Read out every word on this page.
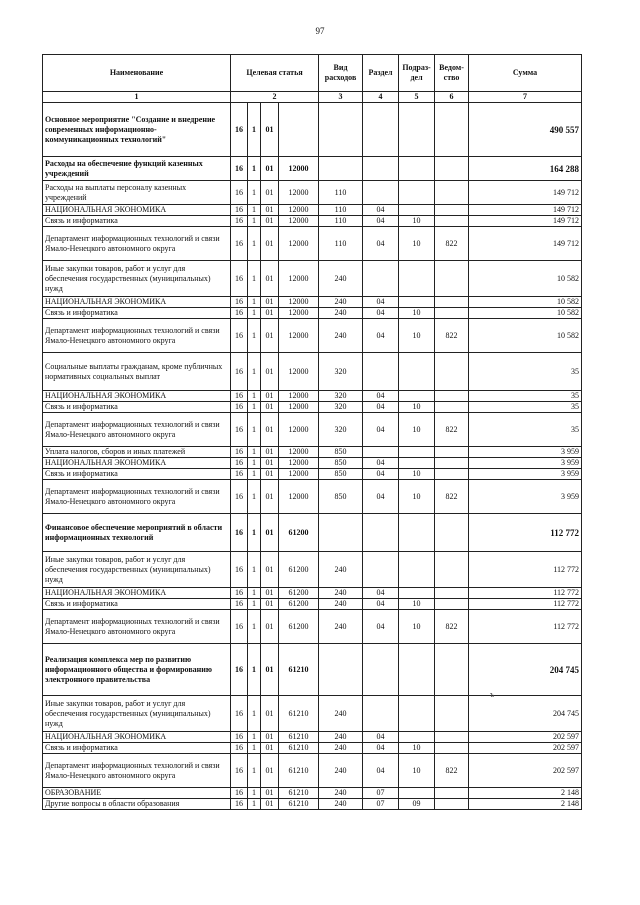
97
Наименование	Целевая статья				Вид расходов	Раздел	Подраз-дел	Ведом-ство	Сумма
1	2				3	4	5	6	7
Основное мероприятие "Создание и внедрение современных информационно-коммуникационных технологий"	16	1	01						490 557
Расходы на обеспечение функций казенных учреждений	16	1	01	12000					164 288
Расходы на выплаты персоналу казенных учреждений	16	1	01	12000	110				149 712
НАЦИОНАЛЬНАЯ ЭКОНОМИКА	16	1	01	12000	110	04			149 712
Связь и информатика	16	1	01	12000	110	04	10		149 712
Департамент информационных технологий и связи Ямало-Ненецкого автономного округа	16	1	01	12000	110	04	10	822	149 712
Иные закупки товаров, работ и услуг для обеспечения государственных (муниципальных) нужд	16	1	01	12000	240				10 582
НАЦИОНАЛЬНАЯ ЭКОНОМИКА	16	1	01	12000	240	04			10 582
Связь и информатика	16	1	01	12000	240	04	10		10 582
Департамент информационных технологий и связи Ямало-Ненецкого автономного округа	16	1	01	12000	240	04	10	822	10 582
Социальные выплаты гражданам, кроме публичных нормативных социальных выплат	16	1	01	12000	320				35
НАЦИОНАЛЬНАЯ ЭКОНОМИКА	16	1	01	12000	320	04			35
Связь и информатика	16	1	01	12000	320	04	10		35
Департамент информационных технологий и связи Ямало-Ненецкого автономного округа	16	1	01	12000	320	04	10	822	35
Уплата налогов, сборов и иных платежей	16	1	01	12000	850				3 959
НАЦИОНАЛЬНАЯ ЭКОНОМИКА	16	1	01	12000	850	04			3 959
Связь и информатика	16	1	01	12000	850	04	10		3 959
Департамент информационных технологий и связи Ямало-Ненецкого автономного округа	16	1	01	12000	850	04	10	822	3 959
Финансовое обеспечение мероприятий в области информационных технологий	16	1	01	61200					112 772
Иные закупки товаров, работ и услуг для обеспечения государственных (муниципальных) нужд	16	1	01	61200	240				112 772
НАЦИОНАЛЬНАЯ ЭКОНОМИКА	16	1	01	61200	240	04			112 772
Связь и информатика	16	1	01	61200	240	04	10		112 772
Департамент информационных технологий и связи Ямало-Ненецкого автономного округа	16	1	01	61200	240	04	10	822	112 772
Реализация комплекса мер по развитию информационного общества и формированию электронного правительства	16	1	01	61210					204 745
Иные закупки товаров, работ и услуг для обеспечения государственных (муниципальных) нужд	16	1	01	61210	240				204 745
НАЦИОНАЛЬНАЯ ЭКОНОМИКА	16	1	01	61210	240	04			202 597
Связь и информатика	16	1	01	61210	240	04	10		202 597
Департамент информационных технологий и связи Ямало-Ненецкого автономного округа	16	1	01	61210	240	04	10	822	202 597
ОБРАЗОВАНИЕ	16	1	01	61210	240	07			2 148
Другие вопросы в области образования	16	1	01	61210	240	07	09		2 148
ъ
